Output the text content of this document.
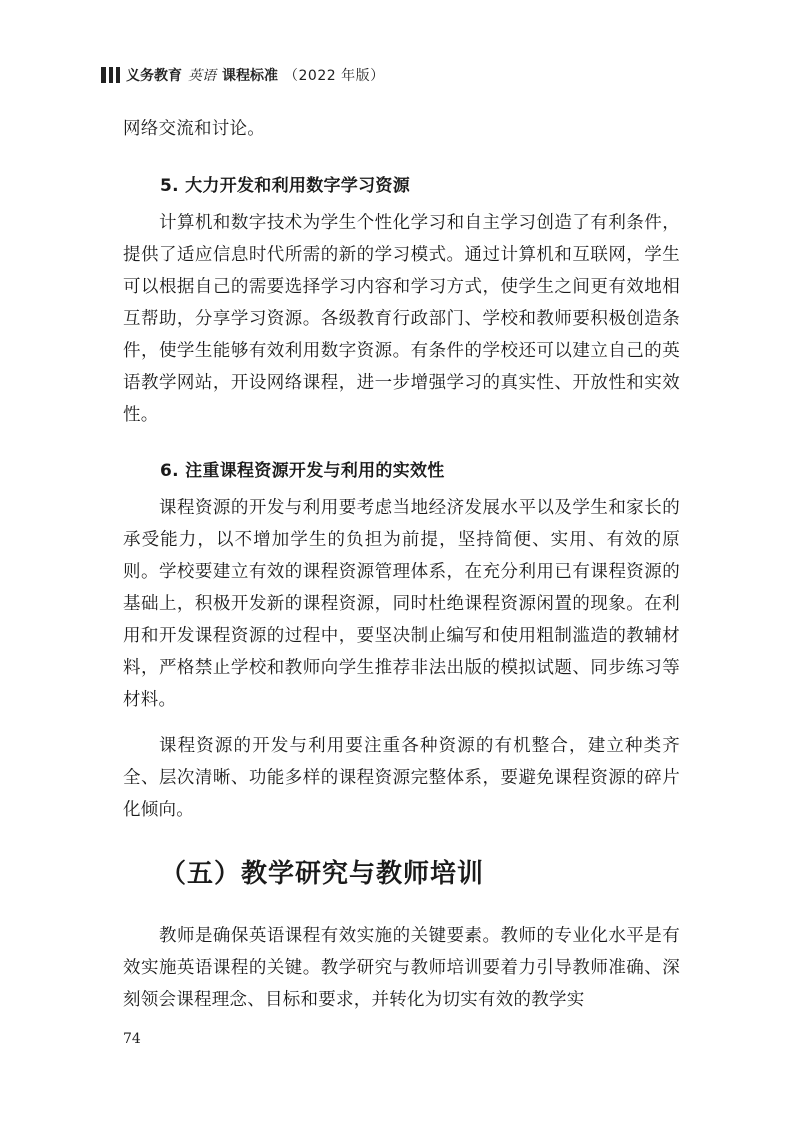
义务教育 英语 课程标准 （2022 年版）

网络交流和讨论。

5. 大力开发和利用数字学习资源

计算机和数字技术为学生个性化学习和自主学习创造了有利条件，提供了适应信息时代所需的新的学习模式。通过计算机和互联网，学生可以根据自己的需要选择学习内容和学习方式，使学生之间更有效地相互帮助，分享学习资源。各级教育行政部门、学校和教师要积极创造条件，使学生能够有效利用数字资源。有条件的学校还可以建立自己的英语教学网站，开设网络课程，进一步增强学习的真实性、开放性和实效性。

6. 注重课程资源开发与利用的实效性

课程资源的开发与利用要考虑当地经济发展水平以及学生和家长的承受能力，以不增加学生的负担为前提，坚持简便、实用、有效的原则。学校要建立有效的课程资源管理体系，在充分利用已有课程资源的基础上，积极开发新的课程资源，同时杜绝课程资源闲置的现象。在利用和开发课程资源的过程中，要坚决制止编写和使用粗制滥造的教辅材料，严格禁止学校和教师向学生推荐非法出版的模拟试题、同步练习等材料。

课程资源的开发与利用要注重各种资源的有机整合，建立种类齐全、层次清晰、功能多样的课程资源完整体系，要避免课程资源的碎片化倾向。

（五）教学研究与教师培训

教师是确保英语课程有效实施的关键要素。教师的专业化水平是有效实施英语课程的关键。教学研究与教师培训要着力引导教师准确、深刻领会课程理念、目标和要求，并转化为切实有效的教学实

74
